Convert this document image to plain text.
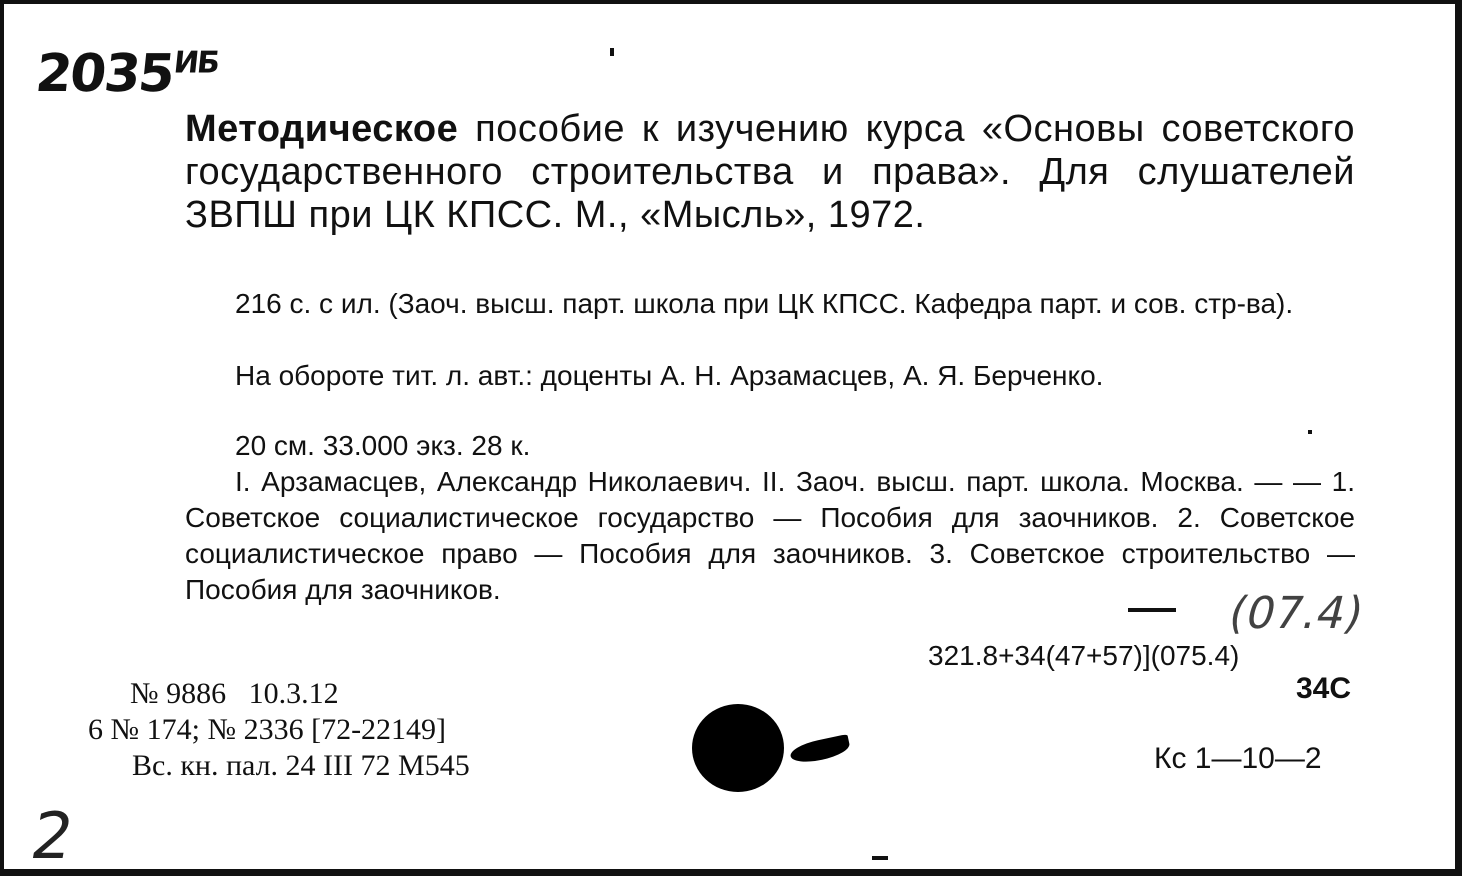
$2035^{ИБ}$
Методическое пособие к изучению курса «Основы советского государственного строительства и права». Для слушателей ЗВПШ при ЦК КПСС. М., «Мысль», 1972.
216 с. с ил. (Заоч. высш. парт. школа при ЦК КПСС. Кафедра парт. и сов. стр-ва).
На обороте тит. л. авт.: доценты А. Н. Арзамасцев, А. Я. Берченко.
20 см. 33.000 экз. 28 к.
I. Арзамасцев, Александр Николаевич. II. Заоч. высш. парт. школа. Москва. — — 1. Советское социалистическое государство — Пособия для заочников. 2. Советское социалистическое право — Пособия для заочников. 3. Советское строительство — Пособия для заочников.	(07.4)
321.8+34(47+57)](075.4)
34С
Кс 1—10—2
№ 9886   10.3.12
6 № 174; № 2336 [72-22149]
Вс. кн. пал. 24 III 72 М545
2
